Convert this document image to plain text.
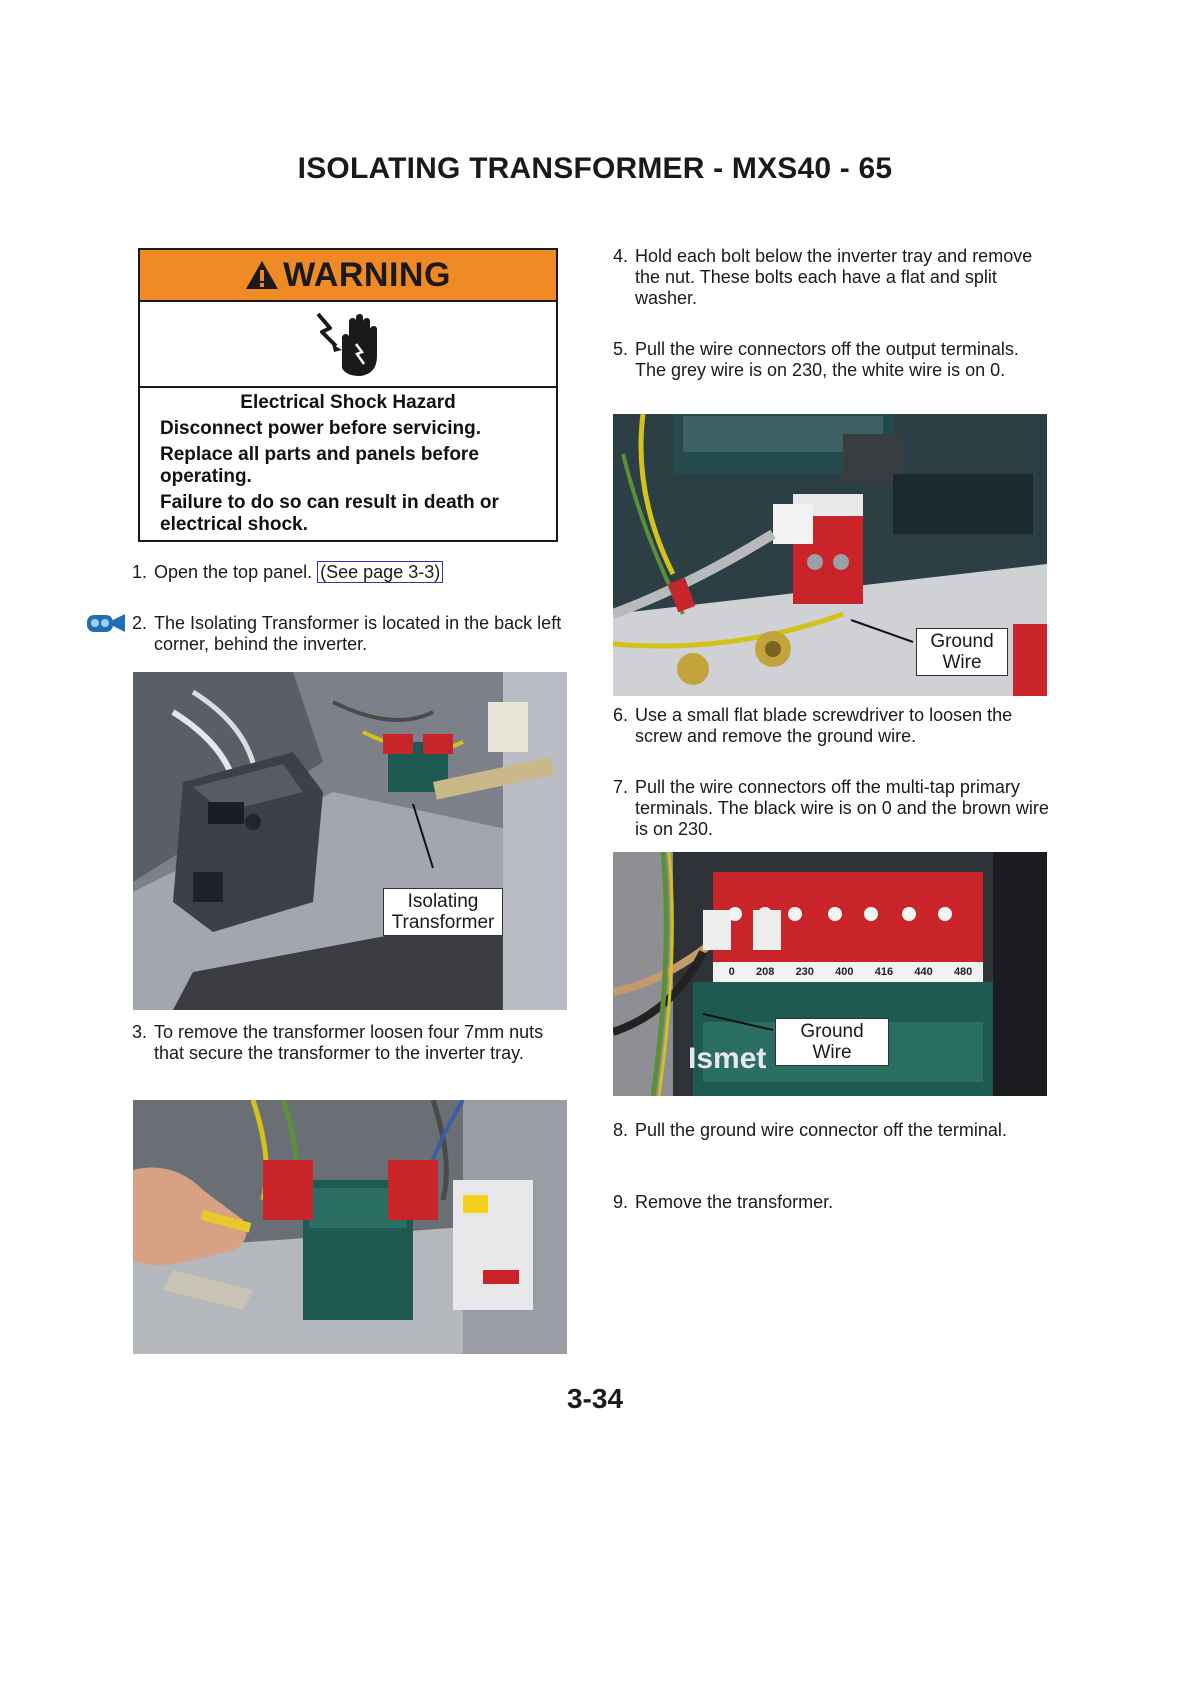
ISOLATING TRANSFORMER - MXS40 - 65
WARNING
Electrical Shock Hazard
Disconnect power before servicing.
Replace all parts and panels before operating.
Failure to do so can result in death or electrical shock.
1. Open the top panel. (See page 3-3)
2. The Isolating Transformer is located in the back left corner, behind the inverter.
Isolating Transformer
3. To remove the transformer loosen four 7mm nuts that secure the transformer to the inverter tray.
4. Hold each bolt below the inverter tray and remove the nut. These bolts each have a flat and split washer.
5. Pull the wire connectors off the output terminals. The grey wire is on 230, the white wire is on 0.
Ground Wire
6. Use a small flat blade screwdriver to loosen the screw and remove the ground wire.
7. Pull the wire connectors off the multi-tap primary terminals. The black wire is on 0 and the brown wire is on 230.
0 208 230 400 416 440 480
Ismet
Ground Wire
8. Pull the ground wire connector off the terminal.
9. Remove the transformer.
3-34
